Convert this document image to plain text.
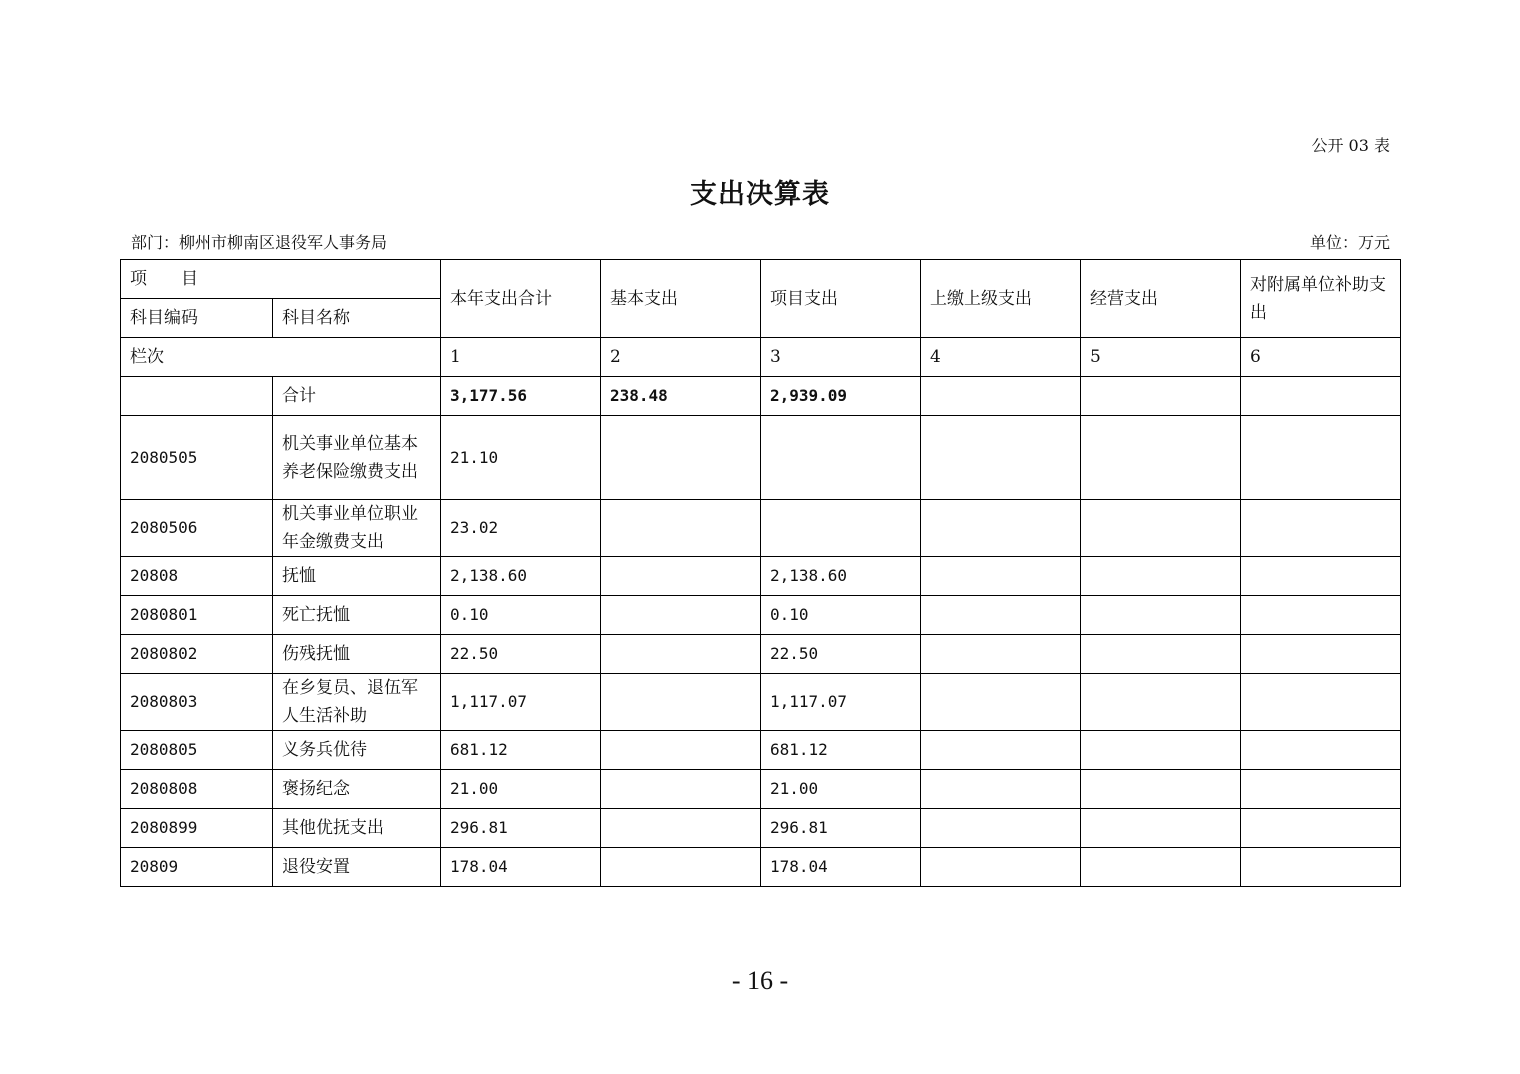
公开 03 表
支出决算表
部门：柳州市柳南区退役军人事务局	单位：万元
项　　目		本年支出合计	基本支出	项目支出	上缴上级支出	经营支出	对附属单位补助支出
科目编码	科目名称						
栏次		1	2	3	4	5	6
	合计	3,177.56	238.48	2,939.09			
2080505	机关事业单位基本养老保险缴费支出	21.10					
2080506	机关事业单位职业年金缴费支出	23.02					
20808	抚恤	2,138.60		2,138.60			
2080801	死亡抚恤	0.10		0.10			
2080802	伤残抚恤	22.50		22.50			
2080803	在乡复员、退伍军人生活补助	1,117.07		1,117.07			
2080805	义务兵优待	681.12		681.12			
2080808	褒扬纪念	21.00		21.00			
2080899	其他优抚支出	296.81		296.81			
20809	退役安置	178.04		178.04			
- 16 -
